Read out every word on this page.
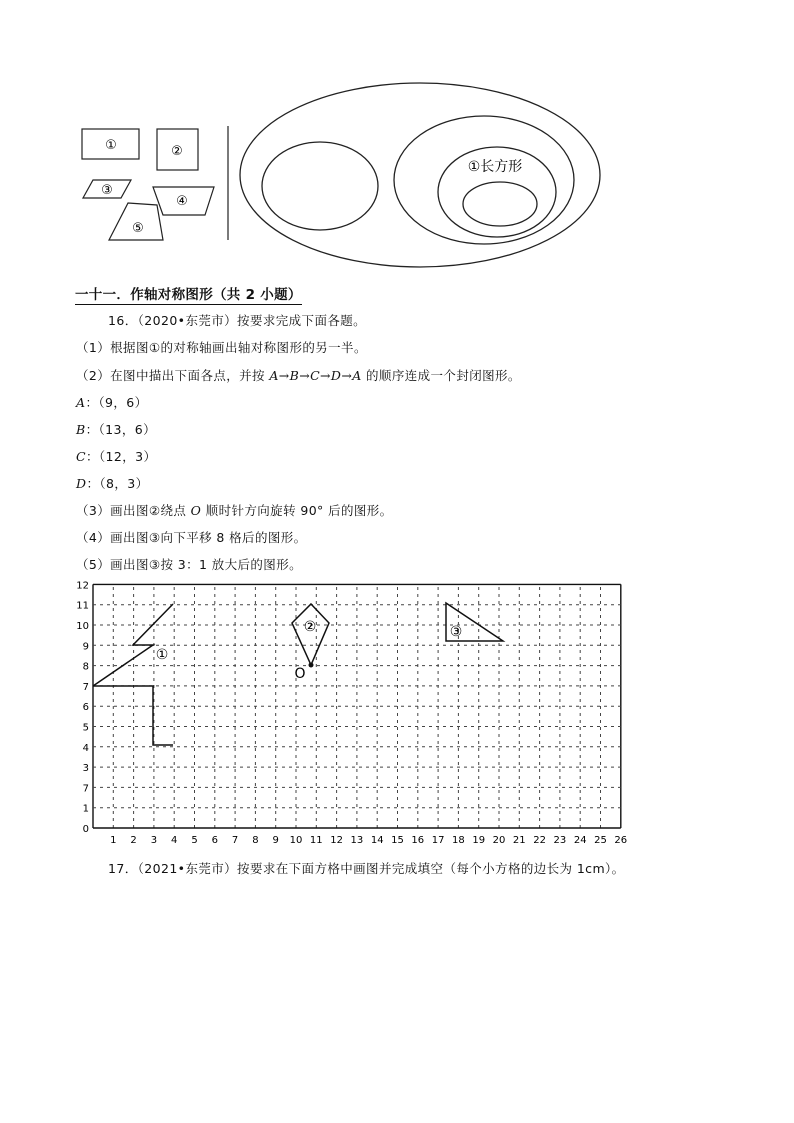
①	②
③
④
⑤
①长方形
一十一．作轴对称图形（共 2 小题）
16．（2020•东莞市）按要求完成下面各题。
（1）根据图①的对称轴画出轴对称图形的另一半。
（2）在图中描出下面各点，并按 A→B→C→D→A 的顺序连成一个封闭图形。
A：（9，6）
B：（13，6）
C：（12，3）
D：（8，3）
（3）画出图②绕点 O 顺时针方向旋转 90° 后的图形。
（4）画出图③向下平移 8 格后的图形。
（5）画出图③按 3：1 放大后的图形。
1 2 3 4 5 6 7 8 9 10 11 12 13 14 15 16 17 18 19 20 21 22 23 24 25 26
0
1
7
3
4
5
6
7
8
9
10
11
12
①
②
O
③
17．（2021•东莞市）按要求在下面方格中画图并完成填空（每个小方格的边长为 1cm）。
